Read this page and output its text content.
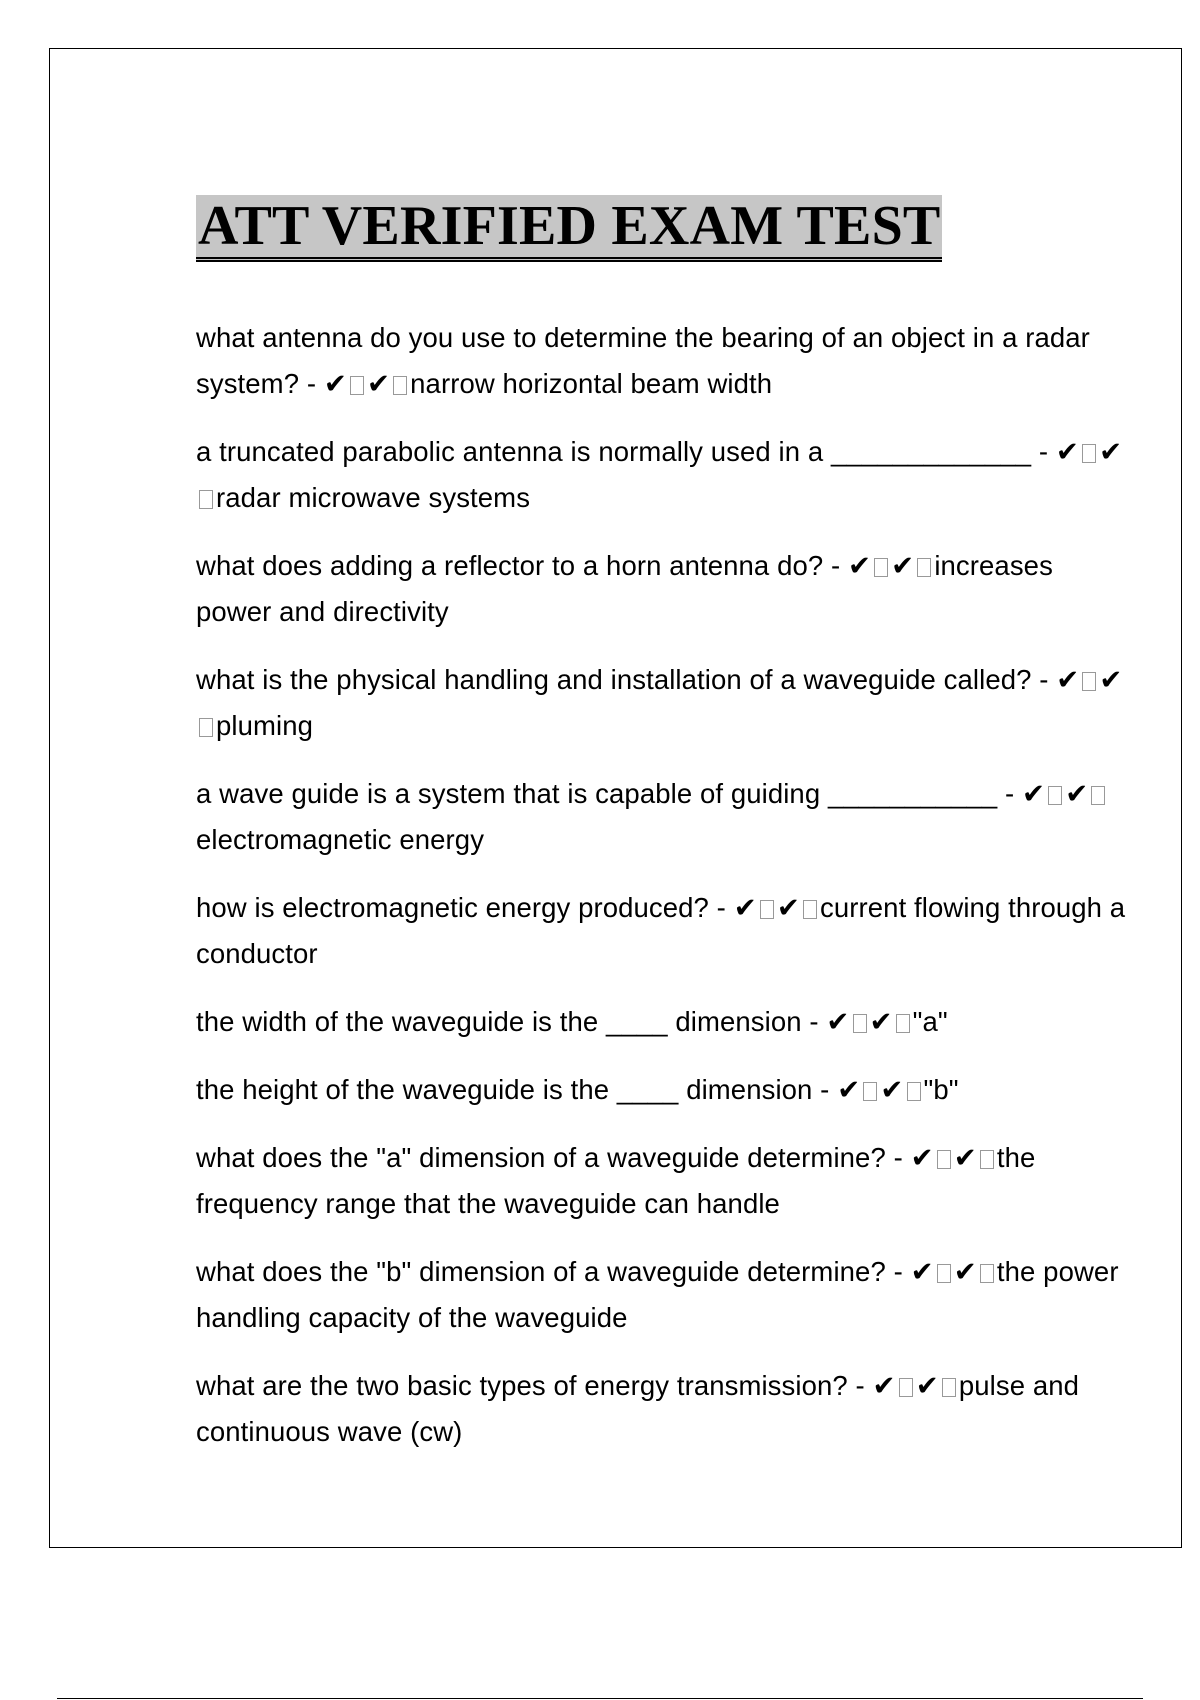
ATT VERIFIED EXAM TEST

what antenna do you use to determine the bearing of an object in a radar system? - ✔ ✔ narrow horizontal beam width

a truncated parabolic antenna is normally used in a _____________ - ✔ ✔radar microwave systems

what does adding a reflector to a horn antenna do? - ✔ ✔ increases power and directivity

what is the physical handling and installation of a waveguide called? - ✔ ✔pluming

a wave guide is a system that is capable of guiding ___________ - ✔ ✔electromagnetic energy

how is electromagnetic energy produced? - ✔ ✔ current flowing through a conductor

the width of the waveguide is the ____ dimension - ✔ ✔ "a"

the height of the waveguide is the ____ dimension - ✔ ✔ "b"

what does the "a" dimension of a waveguide determine? - ✔ ✔ the frequency range that the waveguide can handle

what does the "b" dimension of a waveguide determine? - ✔ ✔ the power handling capacity of the waveguide

what are the two basic types of energy transmission? - ✔ ✔ pulse and continuous wave (cw)
